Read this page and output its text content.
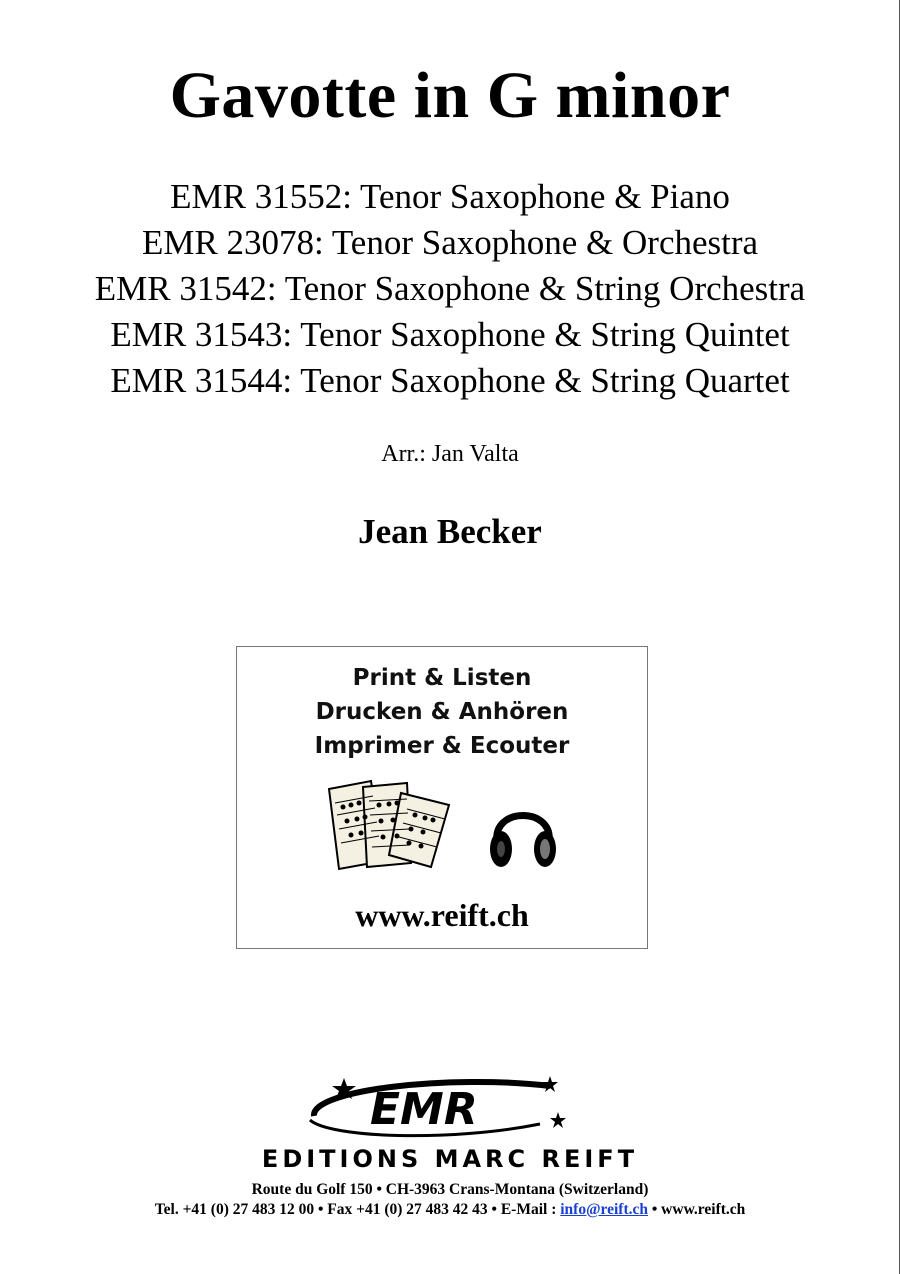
Gavotte in G minor
EMR 31552: Tenor Saxophone & Piano
EMR 23078: Tenor Saxophone & Orchestra
EMR 31542: Tenor Saxophone & String Orchestra
EMR 31543: Tenor Saxophone & String Quintet
EMR 31544: Tenor Saxophone & String Quartet
Arr.: Jan Valta
Jean Becker
Print & Listen
Drucken & Anhören
Imprimer & Ecouter
www.reift.ch
EMR
EDITIONS MARC REIFT
Route du Golf 150 • CH-3963 Crans-Montana (Switzerland)
Tel. +41 (0) 27 483 12 00 • Fax +41 (0) 27 483 42 43 • E-Mail : info@reift.ch • www.reift.ch
